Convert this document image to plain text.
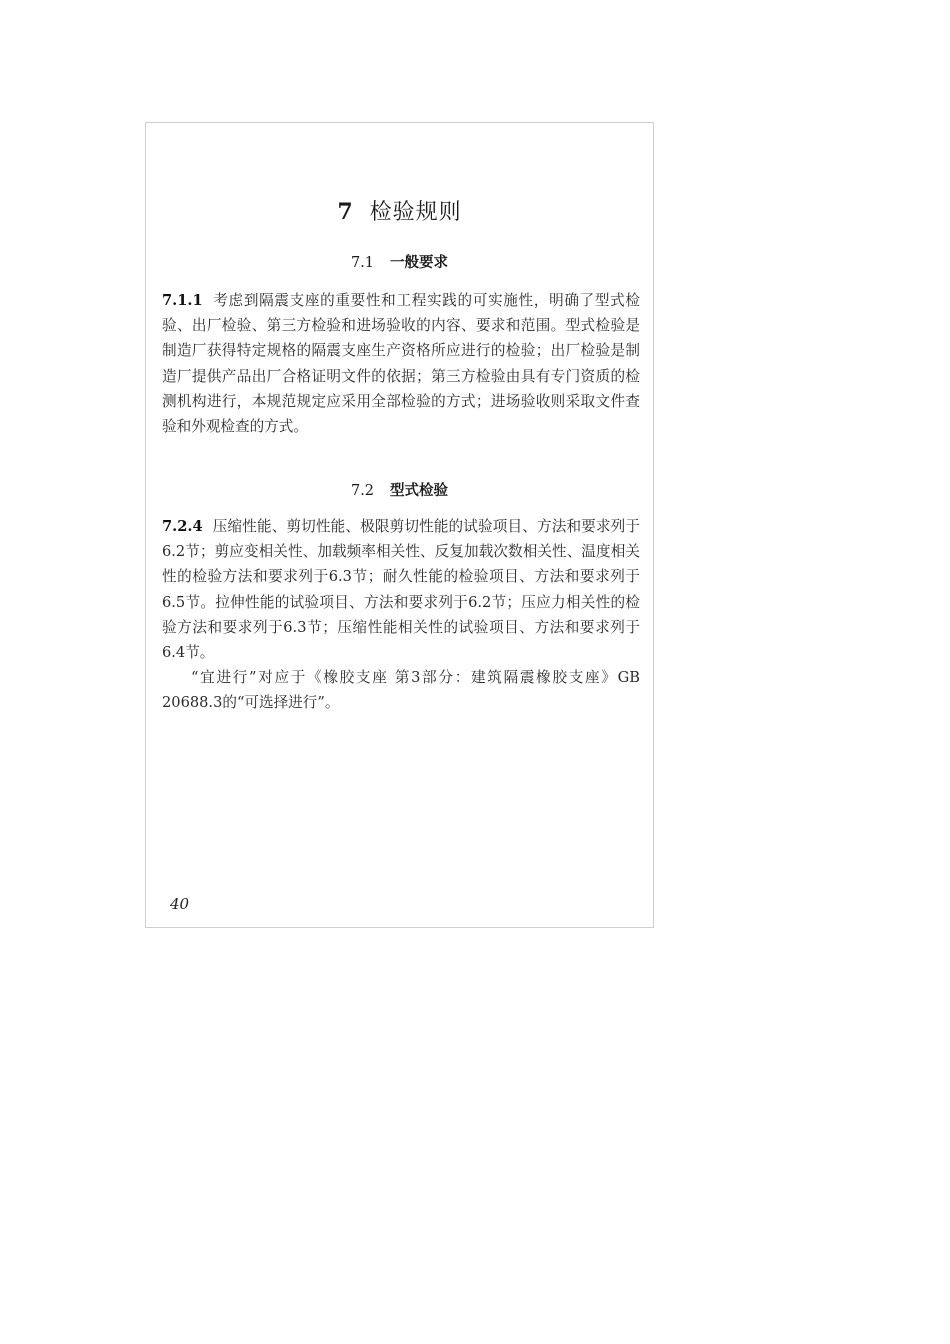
7 检验规则
7.1 一般要求

7.1.1 考虑到隔震支座的重要性和工程实践的可实施性，明确了型式检验、出厂检验、第三方检验和进场验收的内容、要求和范围。型式检验是制造厂获得特定规格的隔震支座生产资格所应进行的检验；出厂检验是制造厂提供产品出厂合格证明文件的依据；第三方检验由具有专门资质的检测机构进行，本规范规定应采用全部检验的方式；进场验收则采取文件查验和外观检查的方式。

7.2 型式检验

7.2.4 压缩性能、剪切性能、极限剪切性能的试验项目、方法和要求列于6.2节；剪应变相关性、加载频率相关性、反复加载次数相关性、温度相关性的检验方法和要求列于6.3节；耐久性能的检验项目、方法和要求列于6.5节。拉伸性能的试验项目、方法和要求列于6.2节；压应力相关性的检验方法和要求列于6.3节；压缩性能相关性的试验项目、方法和要求列于6.4节。

“宜进行”对应于《橡胶支座 第3部分：建筑隔震橡胶支座》GB 20688.3的“可选择进行”。

40
